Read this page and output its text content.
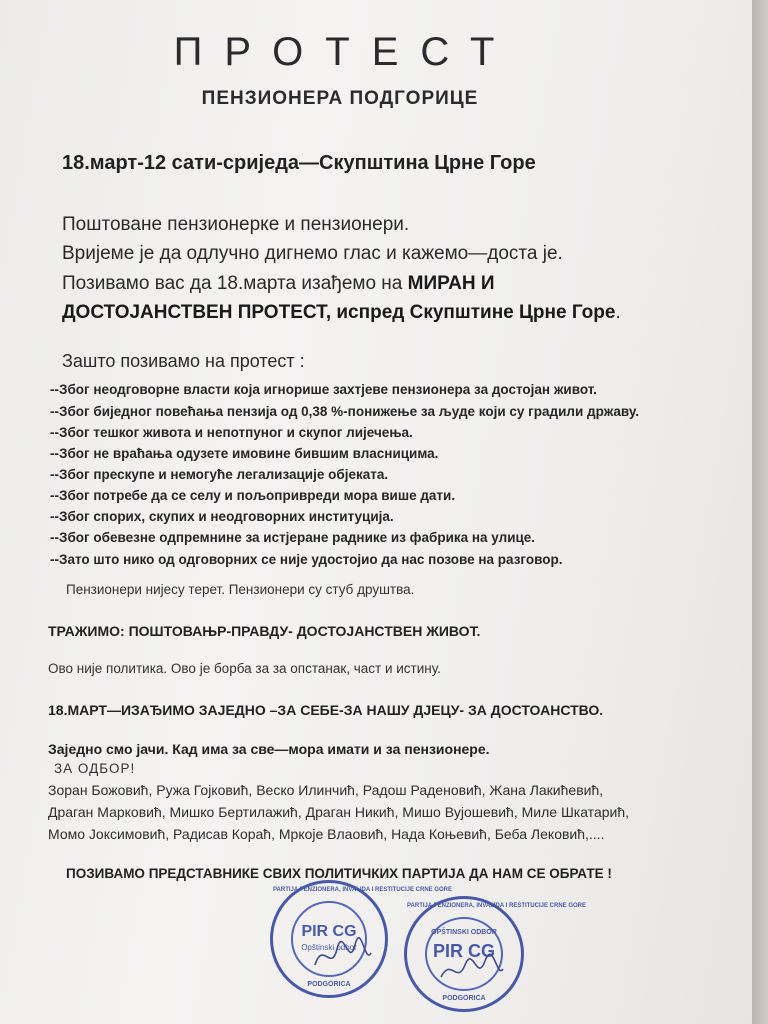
ПРОТЕСТ
ПЕНЗИОНЕРА ПОДГОРИЦЕ
18.март-12 сати-сриједа—Скупштина Црне Горе
Поштоване пензионерке и пензионери.
Вријеме је да одлучно дигнемо глас и кажемо—доста је.
Позивамо вас да 18.марта изађемо на МИРАН И
ДОСТОЈАНСТВЕН ПРОТЕСТ, испред Скупштине Црне Горе.
Зашто позивамо на протест :
--Због неодговорне власти која игнорише захтјеве пензионера за достојан живот.
--Због биједног повећања пензија од 0,38 %-понижење за људе који су градили државу.
--Због тешког живота и непотпуног и скупог лијечења.
--Због не враћања одузете имовине бившим власницима.
--Због прескупе и немогуће легализације објеката.
--Због потребе да се селу и пољопривреди мора више дати.
--Због спорих, скупих и неодговорних институција.
--Због обевезне одпремнине за истјеране раднике из фабрика на улице.
--Зато што нико од одговорних се није удостојио да нас позове на разговор.
Пензионери нијесу терет. Пензионери су стуб друштва.
ТРАЖИМО: ПОШТОВАЊР-ПРАВДУ- ДОСТОЈАНСТВЕН ЖИВОТ.
Ово није политика. Ово је борба за за опстанак, част и истину.
18.МАРТ—ИЗАЂИМО ЗАЈЕДНО –ЗА СЕБЕ-ЗА НАШУ ДЈЕЦУ- ЗА ДОСТОАНСТВО.
Заједно смо јачи. Кад има за све—мора имати и за пензионере.
ЗА ОДБОР!
Зоран Божовић, Ружа Гојковић, Веско Илинчић, Радош Раденовић, Жана Лакићевић,
Драган Марковић, Мишко Бертилажић, Драган Никић, Мишо Вујошевић, Миле Шкатарић,
Момо Јоксимовић, Радисав Кораћ, Мркоје Влаовић, Нада Коњевић, Беба Лековић,....
ПОЗИВАМО ПРЕДСТАВНИКЕ СВИХ ПОЛИТИЧКИХ ПАРТИЈА ДА НАМ СЕ ОБРАТЕ !
PARTIJA PENZIONERA, INVALIDA I RESTITUCIJE CRNE GORE
PIR CG
Opštinski odbor
PODGORICA
PARTIJA PENZIONERA, INVALIDA I RESTITUCIJE CRNE GORE
OPŠTINSKI ODBOR
PIR CG
PODGORICA
